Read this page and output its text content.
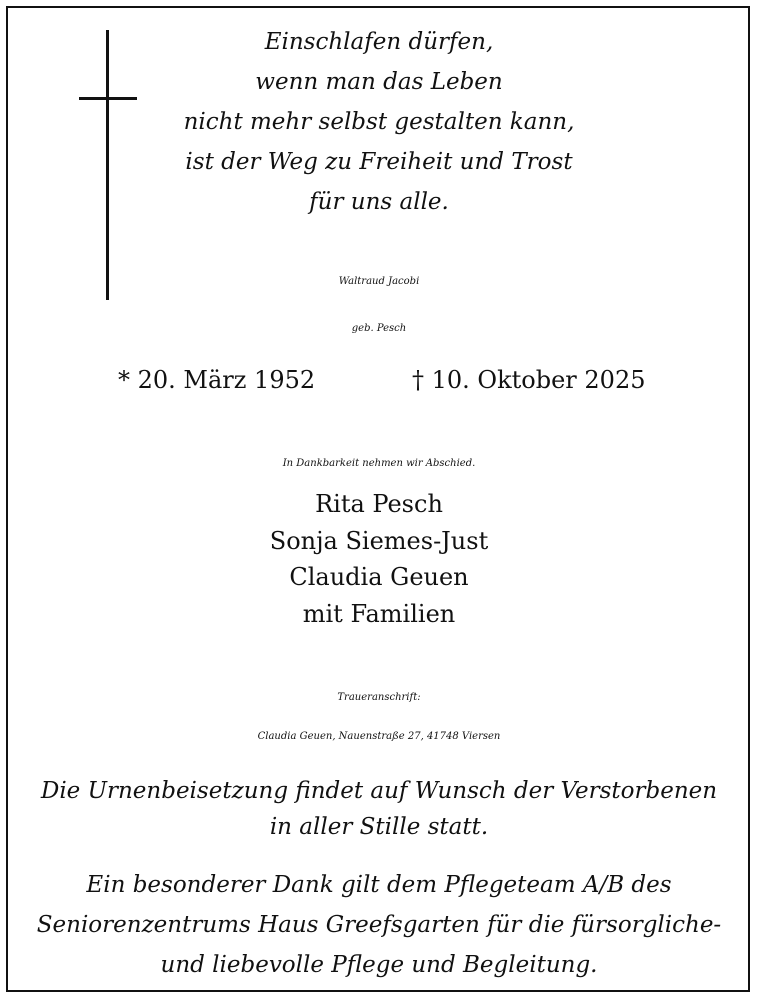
Einschlafen dürfen,
wenn man das Leben
nicht mehr selbst gestalten kann,
ist der Weg zu Freiheit und Trost
für uns alle.
Waltraud Jacobi
geb. Pesch
* 20. März 1952	† 10. Oktober 2025
In Dankbarkeit nehmen wir Abschied.
Rita Pesch
Sonja Siemes-Just
Claudia Geuen
mit Familien
Traueranschrift:
Claudia Geuen, Nauenstraße 27, 41748 Viersen
Die Urnenbeisetzung findet auf Wunsch der Verstorbenen
in aller Stille statt.
Ein besonderer Dank gilt dem Pflegeteam A/B des
Seniorenzentrums Haus Greefsgarten für die fürsorgliche-
und liebevolle Pflege und Begleitung.
